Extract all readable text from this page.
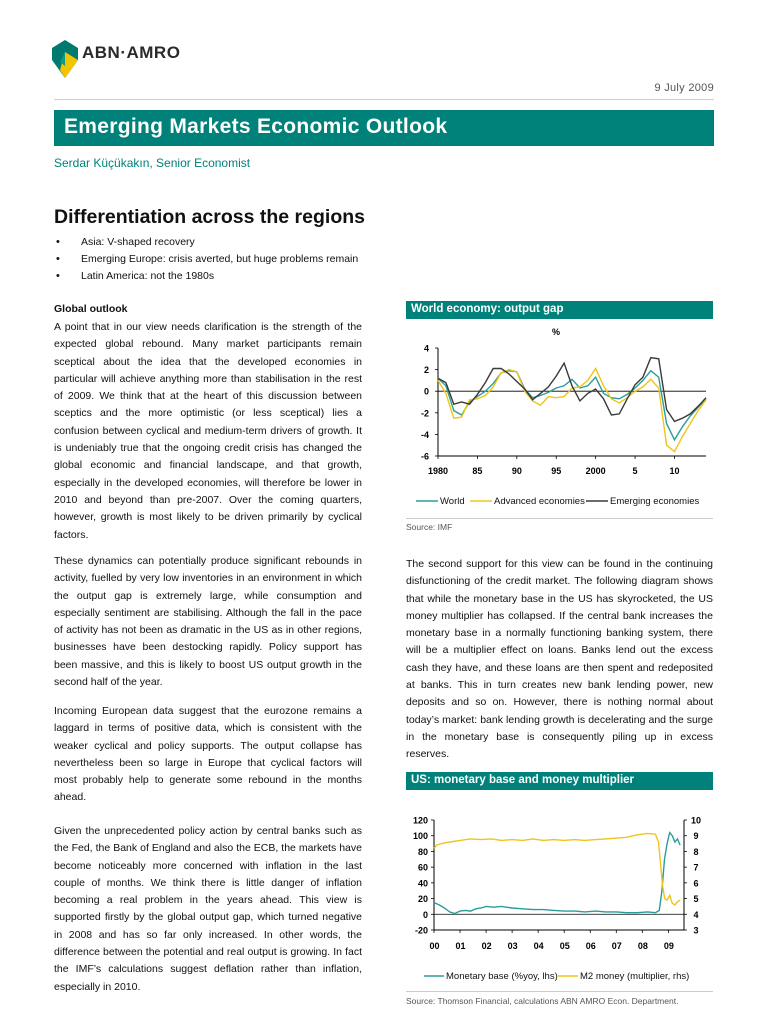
ABN·AMRO
9 July 2009
Emerging Markets Economic Outlook
Serdar Küçükakın, Senior Economist
Differentiation across the regions
• Asia: V-shaped recovery
• Emerging Europe: crisis averted, but huge problems remain
• Latin America: not the 1980s
Global outlook

A point that in our view needs clarification is the strength of the expected global rebound. Many market participants remain sceptical about the idea that the developed economies in particular will achieve anything more than stabilisation in the rest of 2009. We think that at the heart of this discussion between sceptics and the more optimistic (or less sceptical) lies a confusion between cyclical and medium-term drivers of growth. It is undeniably true that the ongoing credit crisis has changed the global economic and financial landscape, and that growth, especially in the developed economies, will therefore be lower in 2010 and beyond than pre-2007. Over the coming quarters, however, growth is most likely to be driven primarily by cyclical factors.

These dynamics can potentially produce significant rebounds in activity, fuelled by very low inventories in an environment in which the output gap is extremely large, while consumption and especially sentiment are stabilising. Although the fall in the pace of activity has not been as dramatic in the US as in other regions, businesses have been destocking rapidly. Policy support has been massive, and this is likely to boost US output growth in the second half of the year.

Incoming European data suggest that the eurozone remains a laggard in terms of positive data, which is consistent with the weaker cyclical and policy supports. The output collapse has nevertheless been so large in Europe that cyclical factors will most probably help to generate some rebound in the months ahead.

Given the unprecedented policy action by central banks such as the Fed, the Bank of England and also the ECB, the markets have become noticeably more concerned with inflation in the last couple of months. We think there is little danger of inflation becoming a real problem in the years ahead. This view is supported firstly by the global output gap, which turned negative in 2008 and has so far only increased. In other words, the difference between the potential and real output is growing. In fact the IMF’s calculations suggest deflation rather than inflation, especially in 2010.

World economy: output gap
%
4
2
0
-2
-4
-6
1980	85	90	95	2000	5	10
World	Advanced economies	Emerging economies
Source: IMF

The second support for this view can be found in the continuing disfunctioning of the credit market. The following diagram shows that while the monetary base in the US has skyrocketed, the US money multiplier has collapsed. If the central bank increases the monetary base in a normally functioning banking system, there will be a multiplier effect on loans. Banks lend out the excess cash they have, and these loans are then spent and redeposited at banks. This in turn creates new bank lending power, new deposits and so on. However, there is nothing normal about today’s market: bank lending growth is decelerating and the surge in the monetary base is consequently piling up in excess reserves.

US: monetary base and money multiplier
120
100
80
60
40
20
0
-20
10
9
8
7
6
5
4
3
00 01 02 03 04 05 06 07 08 09
Monetary base (%yoy, lhs) M2 money (multiplier, rhs)
Source: Thomson Financial, calculations ABN AMRO Econ. Department.
